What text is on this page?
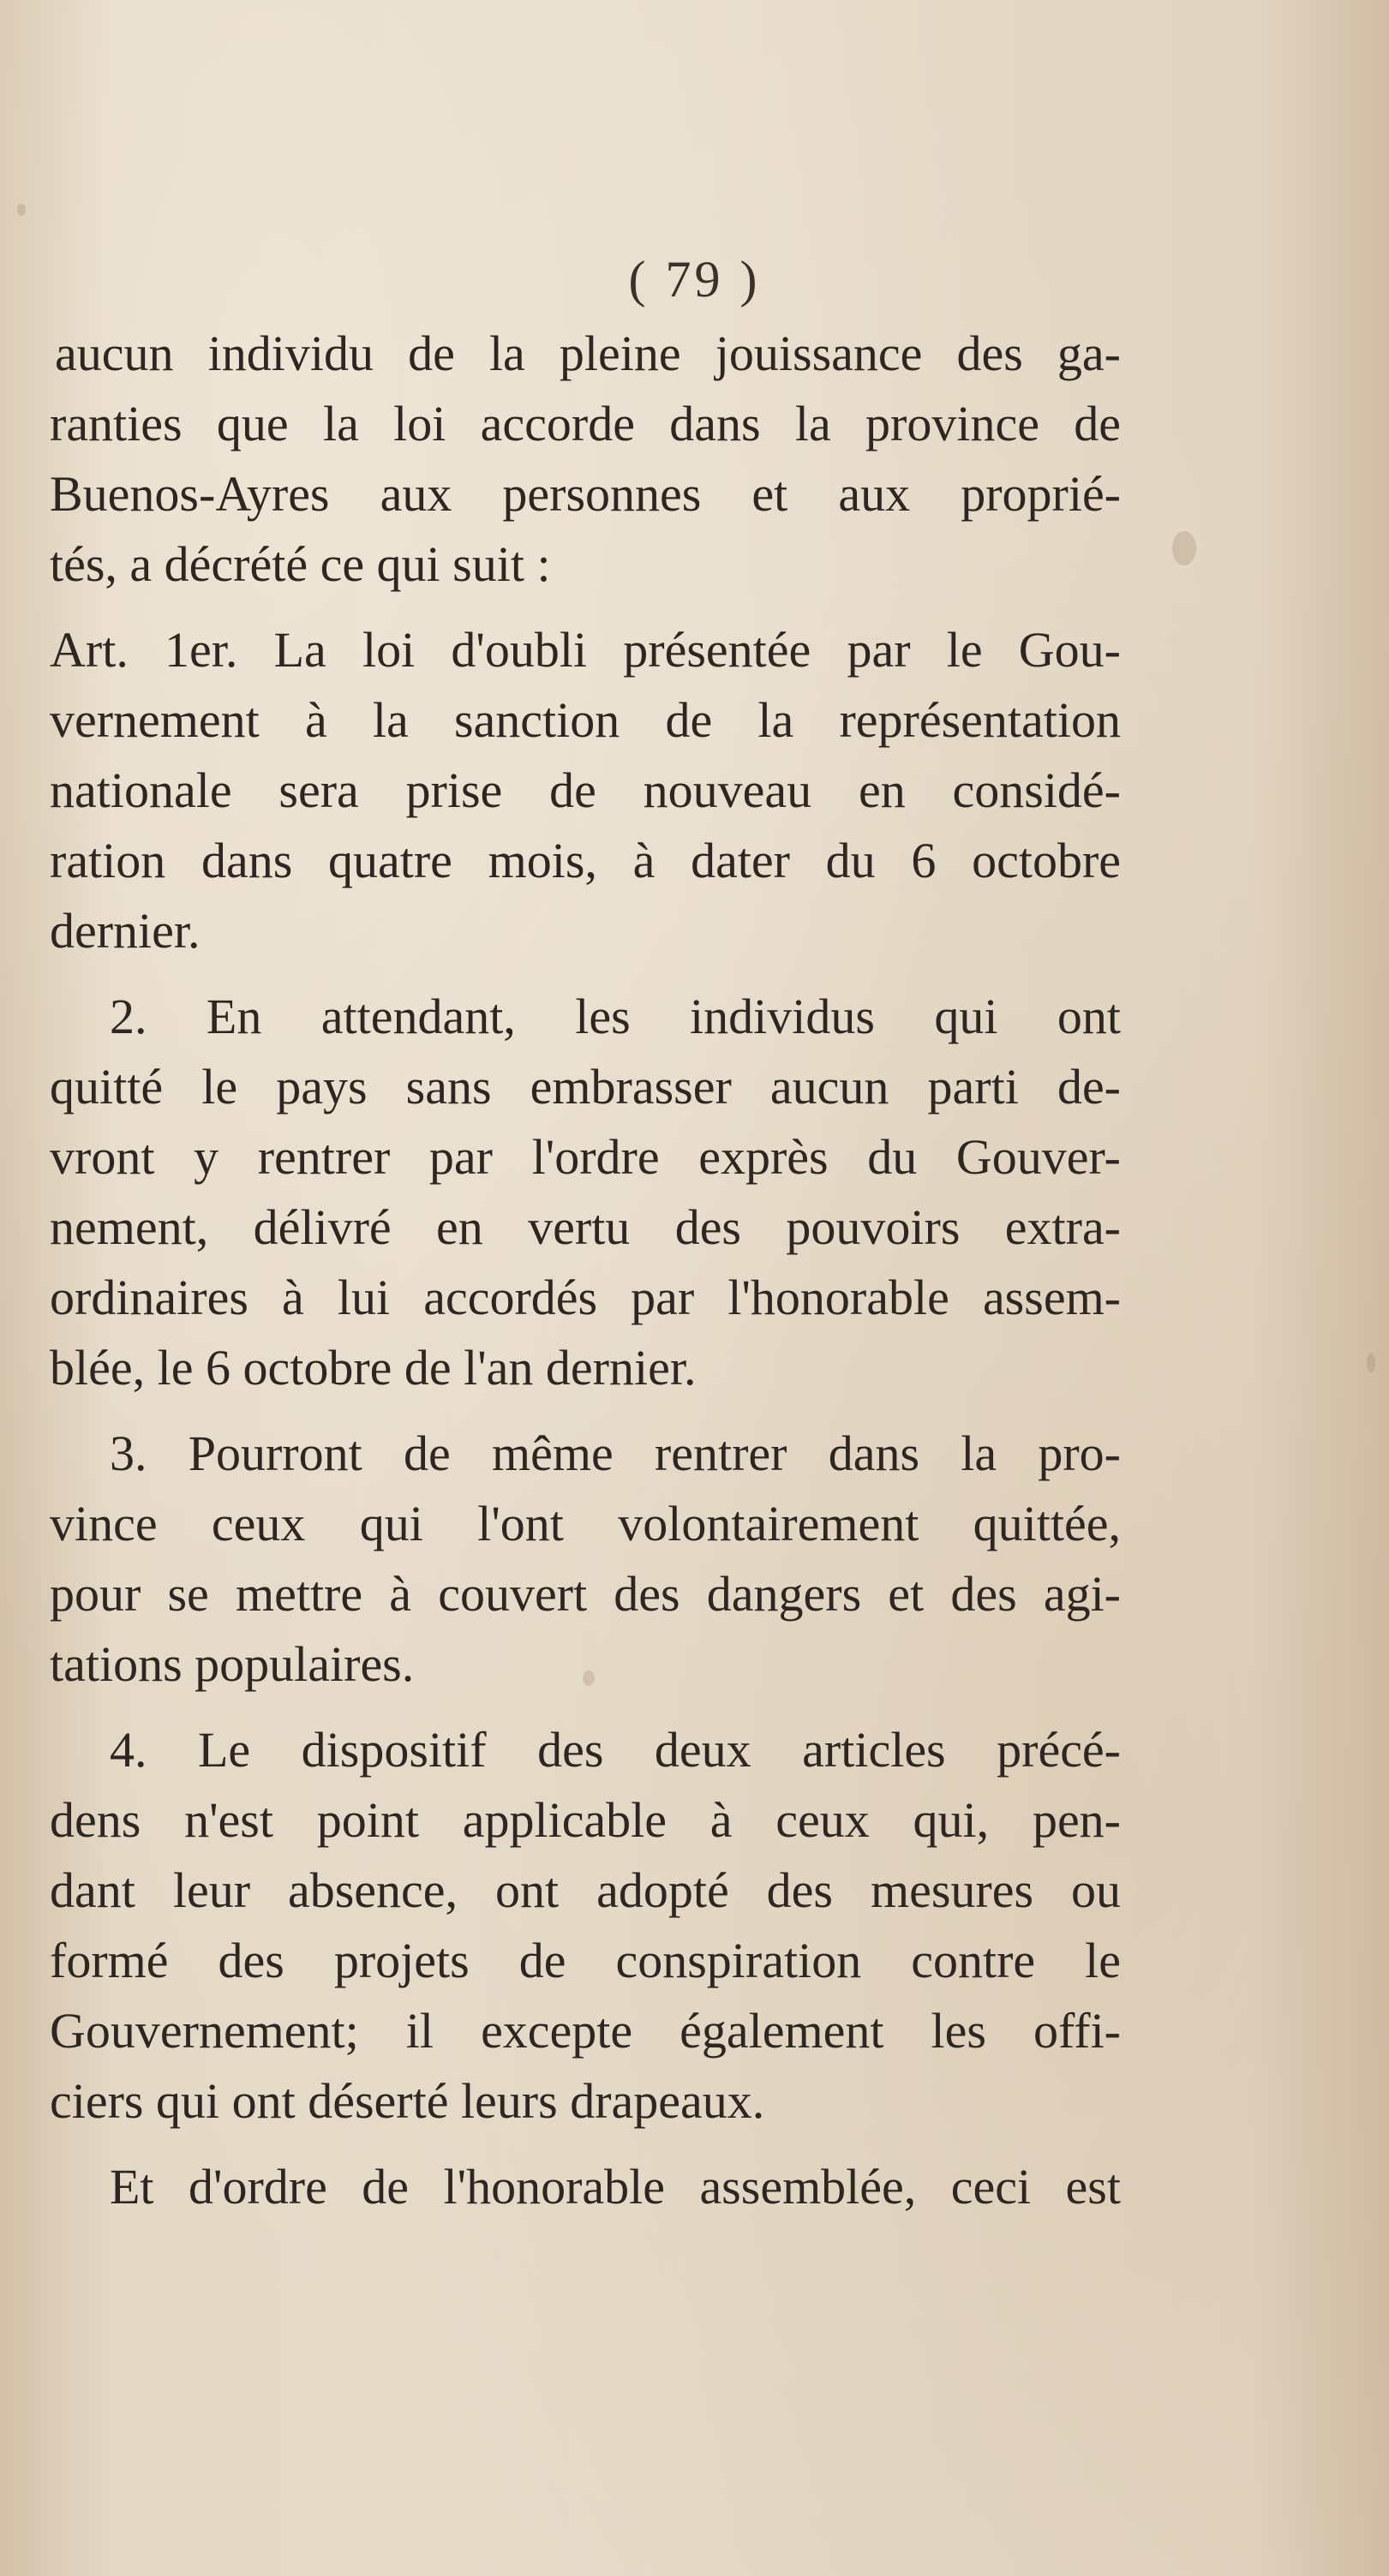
( 79 )
aucun individu de la pleine jouissance des ga-
ranties que la loi accorde dans la province de
Buenos-Ayres aux personnes et aux proprié-
tés, a décrété ce qui suit :
Art. 1er. La loi d'oubli présentée par le Gou-
vernement à la sanction de la représentation
nationale sera prise de nouveau en considé-
ration dans quatre mois, à dater du 6 octobre
dernier.
2. En attendant, les individus qui ont
quitté le pays sans embrasser aucun parti de-
vront y rentrer par l'ordre exprès du Gouver-
nement, délivré en vertu des pouvoirs extra-
ordinaires à lui accordés par l'honorable assem-
blée, le 6 octobre de l'an dernier.
3. Pourront de même rentrer dans la pro-
vince ceux qui l'ont volontairement quittée,
pour se mettre à couvert des dangers et des agi-
tations populaires.
4. Le dispositif des deux articles précé-
dens n'est point applicable à ceux qui, pen-
dant leur absence, ont adopté des mesures ou
formé des projets de conspiration contre le
Gouvernement; il excepte également les offi-
ciers qui ont déserté leurs drapeaux.
Et d'ordre de l'honorable assemblée, ceci est
